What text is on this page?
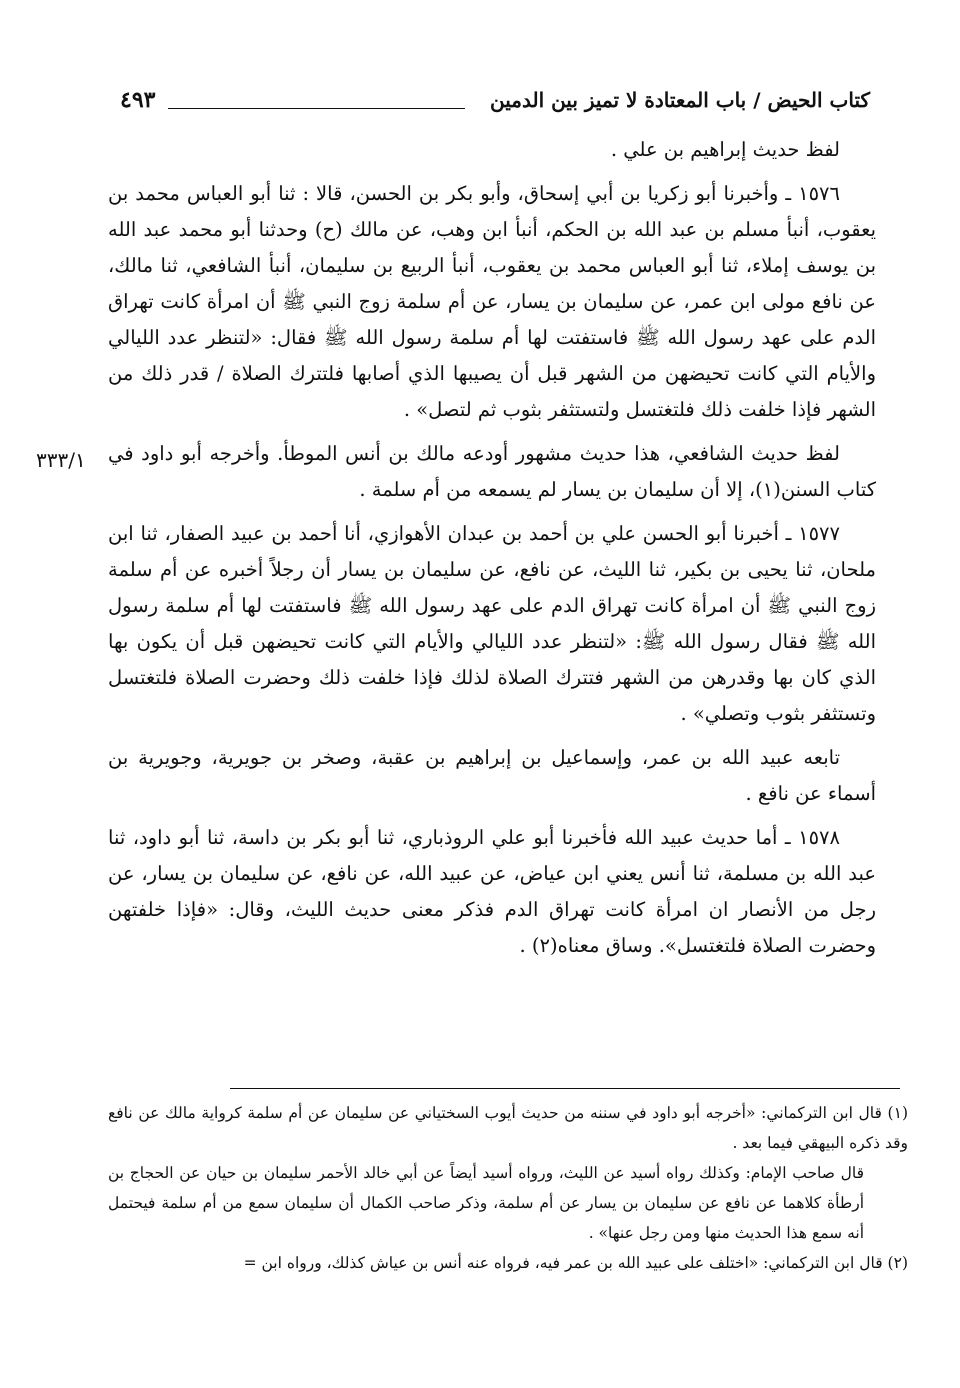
كتاب الحيض / باب المعتادة لا تميز بين الدمين
٤٩٣
٣٣٣/١

لفظ حديث إبراهيم بن علي .

١٥٧٦ ـ وأخبرنا أبو زكريا بن أبي إسحاق، وأبو بكر بن الحسن، قالا : ثنا أبو العباس محمد بن يعقوب، أنبأ مسلم بن عبد الله بن الحكم، أنبأ ابن وهب، عن مالك (ح) وحدثنا أبو محمد عبد الله بن يوسف إملاء، ثنا أبو العباس محمد بن يعقوب، أنبأ الربيع بن سليمان، أنبأ الشافعي، ثنا مالك، عن نافع مولى ابن عمر، عن سليمان بن يسار، عن أم سلمة زوج النبي ﷺ أن امرأة كانت تهراق الدم على عهد رسول الله ﷺ فاستفتت لها أم سلمة رسول الله ﷺ فقال: «لتنظر عدد الليالي والأيام التي كانت تحيضهن من الشهر قبل أن يصيبها الذي أصابها فلتترك الصلاة / قدر ذلك من الشهر فإذا خلفت ذلك فلتغتسل ولتستثفر بثوب ثم لتصل» .

لفظ حديث الشافعي، هذا حديث مشهور أودعه مالك بن أنس الموطأ. وأخرجه أبو داود في كتاب السنن(١)، إلا أن سليمان بن يسار لم يسمعه من أم سلمة .

١٥٧٧ ـ أخبرنا أبو الحسن علي بن أحمد بن عبدان الأهوازي، أنا أحمد بن عبيد الصفار، ثنا ابن ملحان، ثنا يحيى بن بكير، ثنا الليث، عن نافع، عن سليمان بن يسار أن رجلاً أخبره عن أم سلمة زوج النبي ﷺ أن امرأة كانت تهراق الدم على عهد رسول الله ﷺ فاستفتت لها أم سلمة رسول الله ﷺ فقال رسول الله ﷺ: «لتنظر عدد الليالي والأيام التي كانت تحيضهن قبل أن يكون بها الذي كان بها وقدرهن من الشهر فتترك الصلاة لذلك فإذا خلفت ذلك وحضرت الصلاة فلتغتسل وتستثفر بثوب وتصلي» .

تابعه عبيد الله بن عمر، وإسماعيل بن إبراهيم بن عقبة، وصخر بن جويرية، وجويرية بن أسماء عن نافع .

١٥٧٨ ـ أما حديث عبيد الله فأخبرنا أبو علي الروذباري، ثنا أبو بكر بن داسة، ثنا أبو داود، ثنا عبد الله بن مسلمة، ثنا أنس يعني ابن عياض، عن عبيد الله، عن نافع، عن سليمان بن يسار، عن رجل من الأنصار ان امرأة كانت تهراق الدم فذكر معنى حديث الليث، وقال: «فإذا خلفتهن وحضرت الصلاة فلتغتسل». وساق معناه(٢) .

(١) قال ابن التركماني: «أخرجه أبو داود في سننه من حديث أيوب السختياني عن سليمان عن أم سلمة كرواية مالك عن نافع وقد ذكره البيهقي فيما بعد .

قال صاحب الإمام: وكذلك رواه أسيد عن الليث، ورواه أسيد أيضاً عن أبي خالد الأحمر سليمان بن حيان عن الحجاج بن أرطأة كلاهما عن نافع عن سليمان بن يسار عن أم سلمة، وذكر صاحب الكمال أن سليمان سمع من أم سلمة فيحتمل أنه سمع هذا الحديث منها ومن رجل عنها» .

(٢) قال ابن التركماني: «اختلف على عبيد الله بن عمر فيه، فرواه عنه أنس بن عياش كذلك، ورواه ابن =
